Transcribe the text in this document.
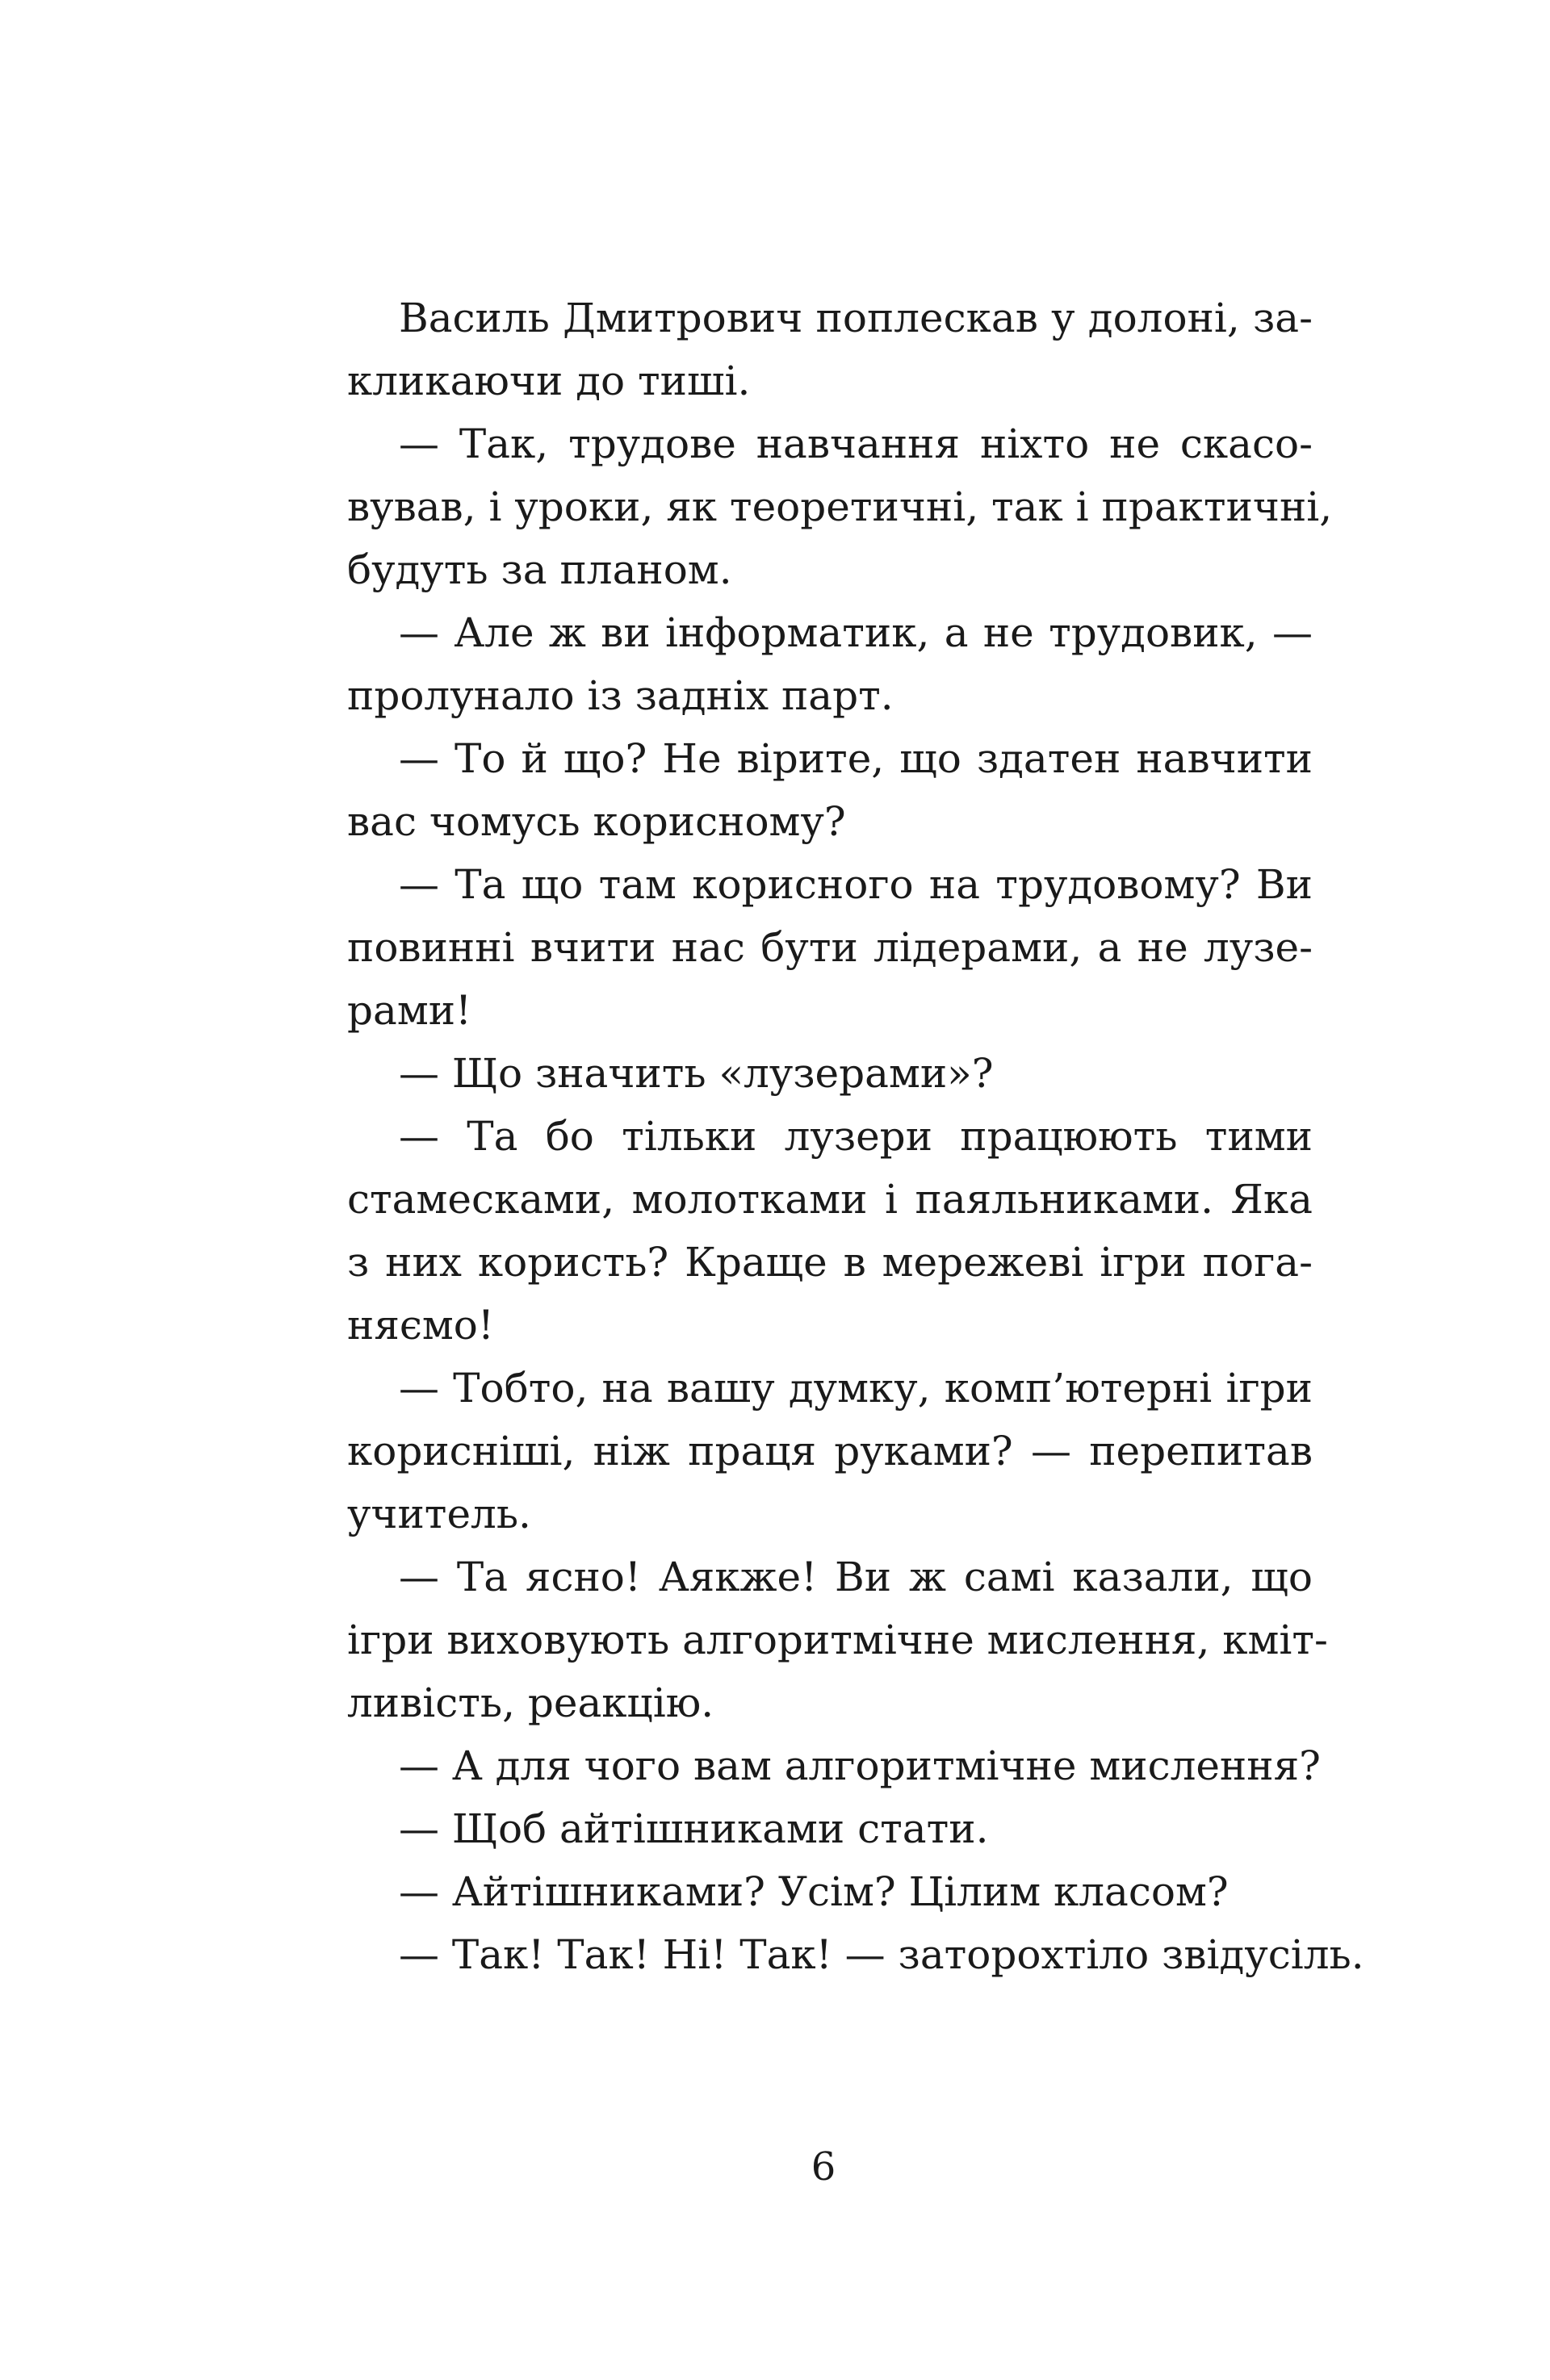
Василь Дмитрович поплескав у долоні, за-
кликаючи до тиші.
— Так, трудове навчання ніхто не скасо-
вував, і уроки, як теоретичні, так і практичні,
будуть за планом.
— Але ж ви інформатик, а не трудовик, —
пролунало із задніх парт.
— То й що? Не вірите, що здатен навчити
вас чомусь корисному?
— Та що там корисного на трудовому? Ви
повинні вчити нас бути лідерами, а не лузе-
рами!
— Що значить «лузерами»?
— Та бо тільки лузери працюють тими
стамесками, молотками і паяльниками. Яка
з них користь? Краще в мережеві ігри пога-
няємо!
— Тобто, на вашу думку, комп’ютерні ігри
корисніші, ніж праця руками? — перепитав
учитель.
— Та ясно! Аякже! Ви ж самі казали, що
ігри виховують алгоритмічне мислення, кміт-
ливість, реакцію.
— А для чого вам алгоритмічне мислення?
— Щоб айтішниками стати.
— Айтішниками? Усім? Цілим класом?
— Так! Так! Ні! Так! — заторохтіло звідусіль.
6
